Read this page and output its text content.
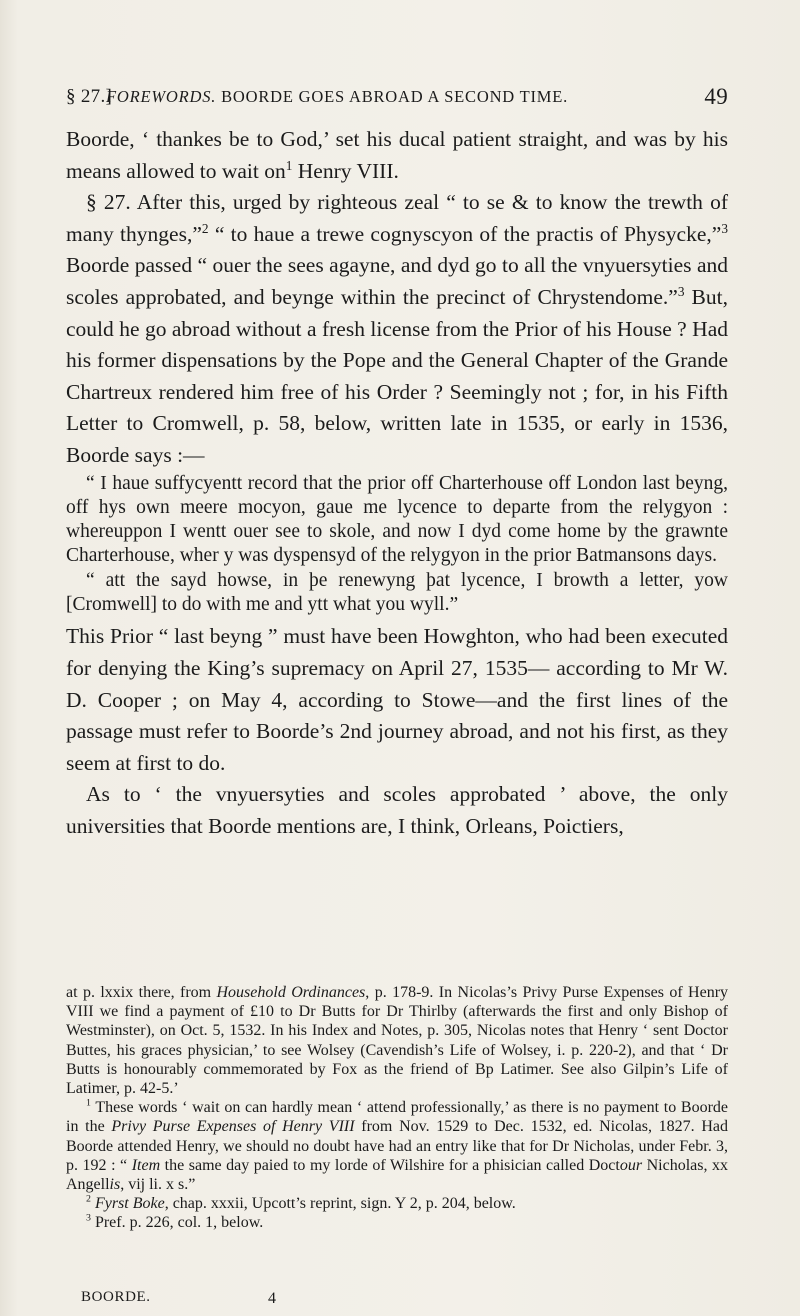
§ 27.]
FOREWORDS. BOORDE GOES ABROAD A SECOND TIME.	49

Boorde, ‘ thankes be to God,’ set his ducal patient straight, and was by his means allowed to wait $on^1$ Henry VIII.

§ 27. After this, urged by righteous zeal “ to se & to know the trewth of many thynges,”$^2$ “ to haue a trewe cognyscyon of the practis of Physycke,”$^3$ Boorde passed “ ouer the sees agayne, and dyd go to all the vnyuersyties and scoles approbated, and beynge within the precinct of Chrystendome.”$^3$ But, could he go abroad without a fresh license from the Prior of his House ? Had his former dispensations by the Pope and the General Chapter of the Grande Chartreux rendered him free of his Order ? Seemingly not ; for, in his Fifth Letter to Cromwell, p. 58, below, written late in 1535, or early in 1536, Boorde says :—

“ I haue suffycyentt record that the prior off Charterhouse off London last beyng, off hys own meere mocyon, gaue me lycence to departe from the relygyon : whereuppon I wentt ouer see to skole, and now I dyd come home by the grawnte Charterhouse, wher y was dyspensyd of the relygyon in the prior Batmansons days.

“ att the sayd howse, in þe renewyng þat lycence, I browth a letter, yow [Cromwell] to do with me and ytt what you wyll.”

This Prior “ last beyng ” must have been Howghton, who had been executed for denying the King’s supremacy on April 27, 1535— according to Mr W. D. Cooper ; on May 4, according to Stowe—and the first lines of the passage must refer to Boorde’s 2nd journey abroad, and not his first, as they seem at first to do.

As to ‘ the vnyuersyties and scoles approbated ’ above, the only universities that Boorde mentions are, I think, Orleans, Poictiers,

at p. lxxix there, from Household Ordinances, p. 178-9. In Nicolas’s Privy Purse Expenses of Henry VIII we find a payment of £10 to Dr Butts for Dr Thirlby (afterwards the first and only Bishop of Westminster), on Oct. 5, 1532. In his Index and Notes, p. 305, Nicolas notes that Henry ‘ sent Doctor Buttes, his graces physician,’ to see Wolsey (Cavendish’s Life of Wolsey, i. p. 220-2), and that ‘ Dr Butts is honourably commemorated by Fox as the friend of Bp Latimer. See also Gilpin’s Life of Latimer, p. 42-5.’

$^1$ These words ‘ wait on can hardly mean ‘ attend professionally,’ as there is no payment to Boorde in the Privy Purse Expenses of Henry VIII from Nov. 1529 to Dec. 1532, ed. Nicolas, 1827. Had Boorde attended Henry, we should no doubt have had an entry like that for Dr Nicholas, under Febr. 3, p. 192 : “ Item the same day paied to my lorde of Wilshire for a phisician called Doctour Nicholas, xx Angellis, vij li. x s.”

$^2$ Fyrst Boke, chap. xxxii, Upcott’s reprint, sign. Y 2, p. 204, below.

$^3$ Pref. p. 226, col. 1, below.

BOORDE.	4
